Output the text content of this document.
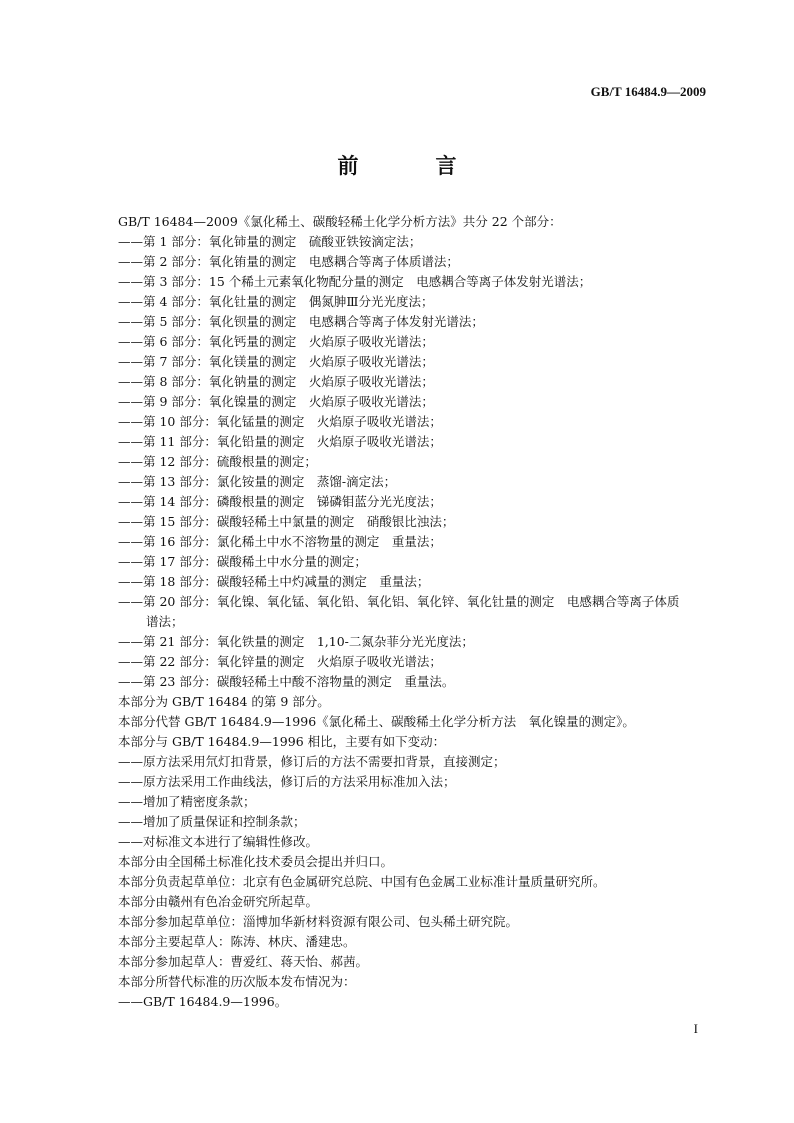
GB/T 16484.9—2009
前　言
GB/T 16484—2009《氯化稀土、碳酸轻稀土化学分析方法》共分 22 个部分：
——第 1 部分：氧化铈量的测定　硫酸亚铁铵滴定法；
——第 2 部分：氧化铕量的测定　电感耦合等离子体质谱法；
——第 3 部分：15 个稀土元素氧化物配分量的测定　电感耦合等离子体发射光谱法；
——第 4 部分：氧化钍量的测定　偶氮胂Ⅲ分光光度法；
——第 5 部分：氧化钡量的测定　电感耦合等离子体发射光谱法；
——第 6 部分：氧化钙量的测定　火焰原子吸收光谱法；
——第 7 部分：氧化镁量的测定　火焰原子吸收光谱法；
——第 8 部分：氧化钠量的测定　火焰原子吸收光谱法；
——第 9 部分：氧化镍量的测定　火焰原子吸收光谱法；
——第 10 部分：氧化锰量的测定　火焰原子吸收光谱法；
——第 11 部分：氧化铅量的测定　火焰原子吸收光谱法；
——第 12 部分：硫酸根量的测定；
——第 13 部分：氯化铵量的测定　蒸馏-滴定法；
——第 14 部分：磷酸根量的测定　锑磷钼蓝分光光度法；
——第 15 部分：碳酸轻稀土中氯量的测定　硝酸银比浊法；
——第 16 部分：氯化稀土中水不溶物量的测定　重量法；
——第 17 部分：碳酸稀土中水分量的测定；
——第 18 部分：碳酸轻稀土中灼减量的测定　重量法；
——第 20 部分：氧化镍、氧化锰、氧化铅、氧化铝、氧化锌、氧化钍量的测定　电感耦合等离子体质
谱法；
——第 21 部分：氧化铁量的测定　1,10-二氮杂菲分光光度法；
——第 22 部分：氧化锌量的测定　火焰原子吸收光谱法；
——第 23 部分：碳酸轻稀土中酸不溶物量的测定　重量法。
本部分为 GB/T 16484 的第 9 部分。
本部分代替 GB/T 16484.9—1996《氯化稀土、碳酸稀土化学分析方法　氧化镍量的测定》。
本部分与 GB/T 16484.9—1996 相比，主要有如下变动：
——原方法采用氘灯扣背景，修订后的方法不需要扣背景，直接测定；
——原方法采用工作曲线法，修订后的方法采用标准加入法；
——增加了精密度条款；
——增加了质量保证和控制条款；
——对标准文本进行了编辑性修改。
本部分由全国稀土标准化技术委员会提出并归口。
本部分负责起草单位：北京有色金属研究总院、中国有色金属工业标准计量质量研究所。
本部分由赣州有色冶金研究所起草。
本部分参加起草单位：淄博加华新材料资源有限公司、包头稀土研究院。
本部分主要起草人：陈涛、林庆、潘建忠。
本部分参加起草人：曹爱红、蒋天怡、郝茜。
本部分所替代标准的历次版本发布情况为：
——GB/T 16484.9—1996。
I
